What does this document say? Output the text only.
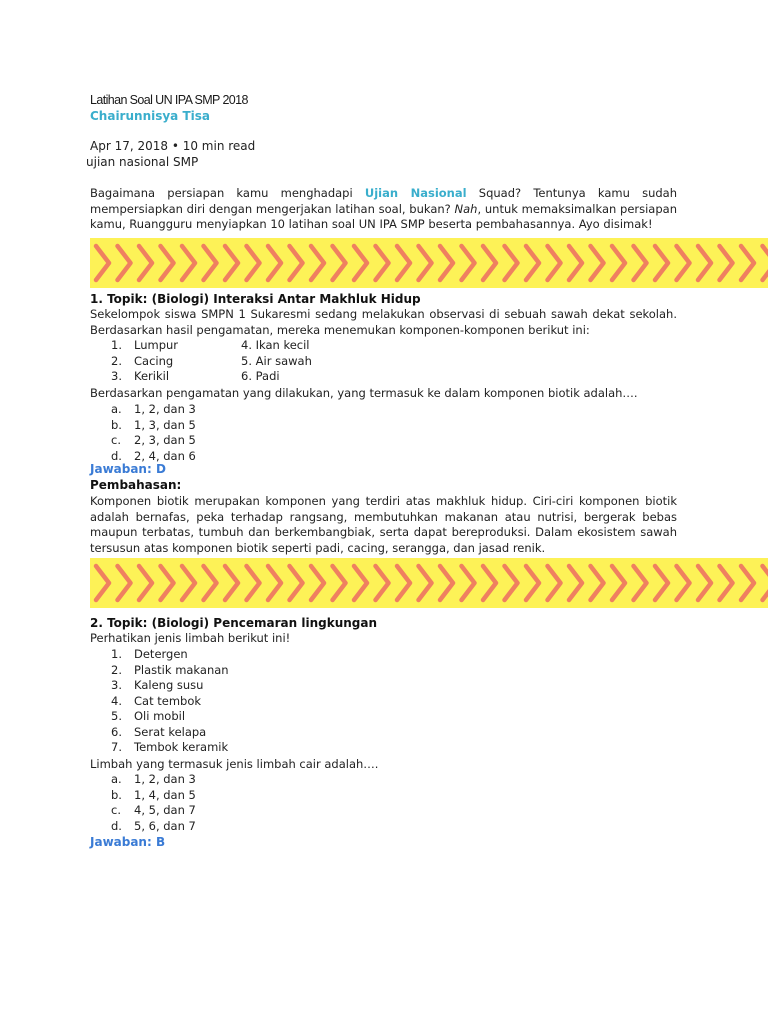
Latihan Soal UN IPA SMP 2018
Chairunnisya Tisa
Apr 17, 2018 • 10 min read
ujian nasional SMP
Bagaimana persiapan kamu menghadapi Ujian Nasional Squad? Tentunya kamu sudah mempersiapkan diri dengan mengerjakan latihan soal, bukan? Nah, untuk memaksimalkan persiapan kamu, Ruangguru menyiapkan 10 latihan soal UN IPA SMP beserta pembahasannya. Ayo disimak!
1. Topik: (Biologi) Interaksi Antar Makhluk Hidup
Sekelompok siswa SMPN 1 Sukaresmi sedang melakukan observasi di sebuah sawah dekat sekolah. Berdasarkan hasil pengamatan, mereka menemukan komponen-komponen berikut ini:
1.	Lumpur	4. Ikan kecil
2.	Cacing	5. Air sawah
3.	Kerikil	6. Padi
Berdasarkan pengamatan yang dilakukan, yang termasuk ke dalam komponen biotik adalah….
a.	1, 2, dan 3
b.	1, 3, dan 5
c.	2, 3, dan 5
d.	2, 4, dan 6
Jawaban: D
Pembahasan:
Komponen biotik merupakan komponen yang terdiri atas makhluk hidup. Ciri-ciri komponen biotik adalah bernafas, peka terhadap rangsang, membutuhkan makanan atau nutrisi, bergerak bebas maupun terbatas, tumbuh dan berkembangbiak, serta dapat bereproduksi. Dalam ekosistem sawah tersusun atas komponen biotik seperti padi, cacing, serangga, dan jasad renik.
2. Topik: (Biologi) Pencemaran lingkungan
Perhatikan jenis limbah berikut ini!
1.	Detergen
2.	Plastik makanan
3.	Kaleng susu
4.	Cat tembok
5.	Oli mobil
6.	Serat kelapa
7.	Tembok keramik
Limbah yang termasuk jenis limbah cair adalah….
a.	1, 2, dan 3
b.	1, 4, dan 5
c.	4, 5, dan 7
d.	5, 6, dan 7
Jawaban: B
